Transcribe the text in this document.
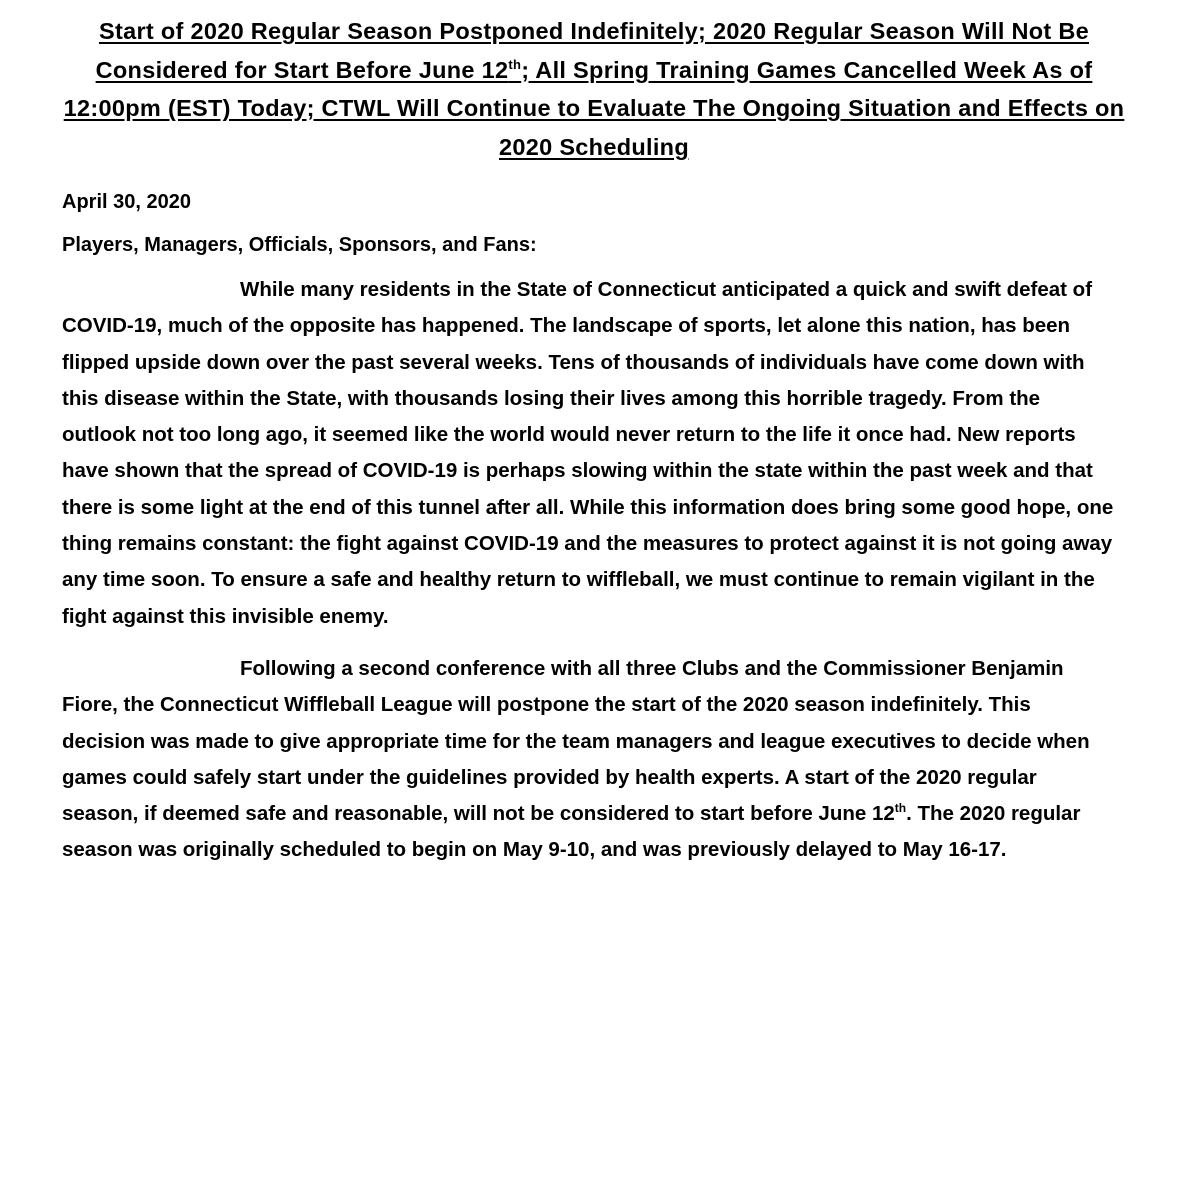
Start of 2020 Regular Season Postponed Indefinitely; 2020 Regular Season Will Not Be Considered for Start Before June 12th; All Spring Training Games Cancelled Week As of 12:00pm (EST) Today; CTWL Will Continue to Evaluate The Ongoing Situation and Effects on 2020 Scheduling
April 30, 2020
Players, Managers, Officials, Sponsors, and Fans:

While many residents in the State of Connecticut anticipated a quick and swift defeat of COVID-19, much of the opposite has happened. The landscape of sports, let alone this nation, has been flipped upside down over the past several weeks. Tens of thousands of individuals have come down with this disease within the State, with thousands losing their lives among this horrible tragedy. From the outlook not too long ago, it seemed like the world would never return to the life it once had. New reports have shown that the spread of COVID-19 is perhaps slowing within the state within the past week and that there is some light at the end of this tunnel after all. While this information does bring some good hope, one thing remains constant: the fight against COVID-19 and the measures to protect against it is not going away any time soon. To ensure a safe and healthy return to wiffleball, we must continue to remain vigilant in the fight against this invisible enemy.

Following a second conference with all three Clubs and the Commissioner Benjamin Fiore, the Connecticut Wiffleball League will postpone the start of the 2020 season indefinitely. This decision was made to give appropriate time for the team managers and league executives to decide when games could safely start under the guidelines provided by health experts. A start of the 2020 regular season, if deemed safe and reasonable, will not be considered to start before June 12th. The 2020 regular season was originally scheduled to begin on May 9-10, and was previously delayed to May 16-17.
